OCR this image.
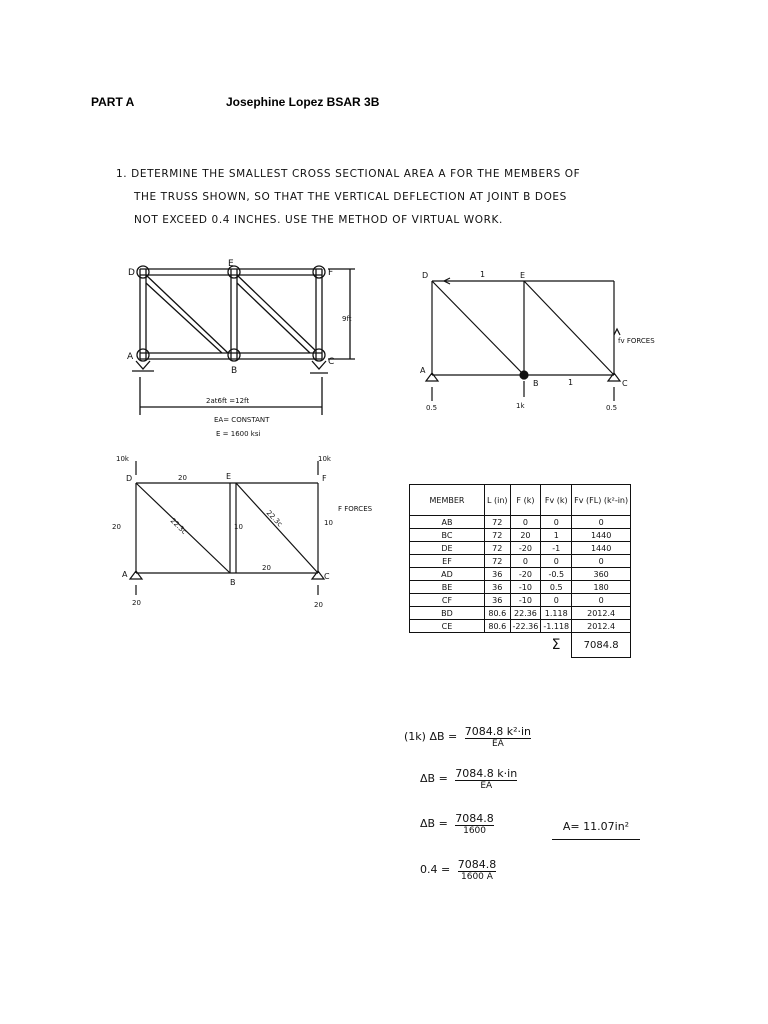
PART A	Josephine Lopez BSAR 3B
1. DETERMINE THE SMALLEST CROSS SECTIONAL AREA A FOR THE MEMBERS OF
THE TRUSS SHOWN, SO THAT THE VERTICAL DEFLECTION AT JOINT B DOES
NOT EXCEED 0.4 INCHES. USE THE METHOD OF VIRTUAL WORK.
D
E
F
A
B
C
9ft
2at6ft =12ft
EA= CONSTANT
E = 1600 ksi
D	E
A
B	C
1
1
1k
0.5	0.5
fv FORCES
10k	10k
D	E	F
A
B
C
20
20
20
22.3c	22.3c
10	10
20	20
F FORCES
MEMBER	L (in)	F (k)	Fv (k)	Fv (FL) (k²-in)
AB	72	0	0	0
BC	72	20	1	1440
DE	72	-20	-1	1440
EF	72	0	0	0
AD	36	-20	-0.5	360
BE	36	-10	0.5	180
CF	36	-10	0	0
BD	80.6	22.36	1.118	2012.4
CE	80.6	-22.36	-1.118	2012.4
			Σ	7084.8
(1k) ΔB = 7084.8 k²·in
EA
ΔB = 7084.8 k·in
EA
ΔB = 7084.8
1600
0.4 = 7084.8
1600 A
A= 11.07in²
